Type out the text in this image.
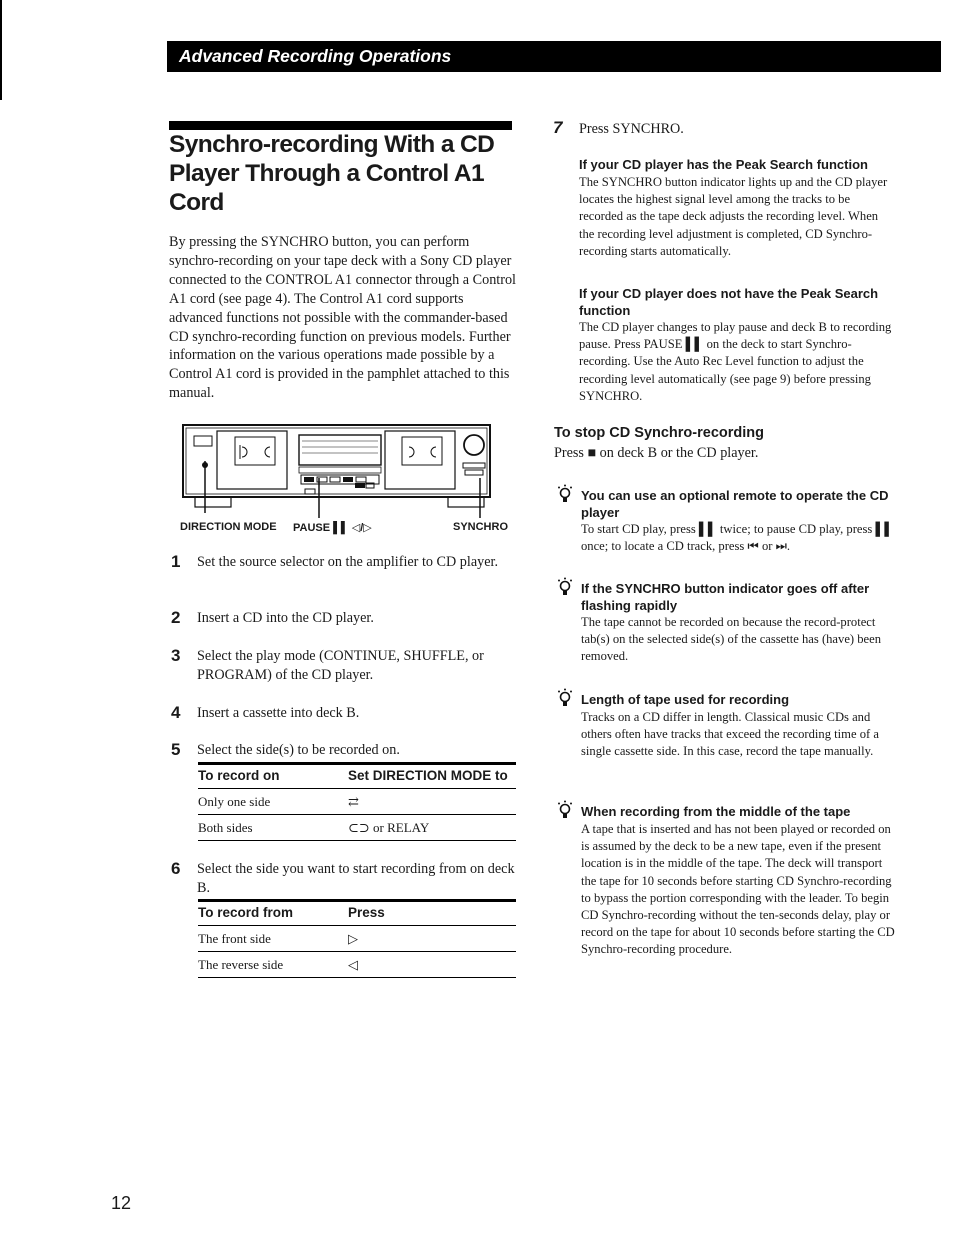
Advanced Recording Operations
Synchro-recording With a CD Player Through a Control A1 Cord
By pressing the SYNCHRO button, you can perform synchro-recording on your tape deck with a Sony CD player connected to the CONTROL A1 connector through a Control A1 cord (see page 4). The Control A1 cord supports advanced functions not possible with the commander-based CD synchro-recording function on previous models. Further information on the various operations made possible by a Control A1 cord is provided in the pamphlet attached to this manual.
DIRECTION MODE PAUSE ▌▌ ◁/▷	SYNCHRO
1 Set the source selector on the amplifier to CD player.
2 Insert a CD into the CD player.
3 Select the play mode (CONTINUE, SHUFFLE, or PROGRAM) of the CD player.
4 Insert a cassette into deck B.
5 Select the side(s) to be recorded on.
To record on	Set DIRECTION MODE to
Only one side	⇄
Both sides	⊂⊃ or RELAY
6 Select the side you want to start recording from on deck B.
To record from	Press
The front side	▷
The reverse side	◁
7 Press SYNCHRO.
If your CD player has the Peak Search function
The SYNCHRO button indicator lights up and the CD player locates the highest signal level among the tracks to be recorded as the tape deck adjusts the recording level. When the recording level adjustment is completed, CD Synchro-recording starts automatically.
If your CD player does not have the Peak Search function
The CD player changes to play pause and deck B to recording pause. Press PAUSE ▌▌ on the deck to start Synchro-recording. Use the Auto Rec Level function to adjust the recording level automatically (see page 9) before pressing SYNCHRO.
To stop CD Synchro-recording
Press ■ on deck B or the CD player.
You can use an optional remote to operate the CD player
To start CD play, press ▌▌ twice; to pause CD play, press ▌▌ once; to locate a CD track, press ⏮ or ⏭.
If the SYNCHRO button indicator goes off after flashing rapidly
The tape cannot be recorded on because the record-protect tab(s) on the selected side(s) of the cassette has (have) been removed.
Length of tape used for recording
Tracks on a CD differ in length. Classical music CDs and others often have tracks that exceed the recording time of a single cassette side. In this case, record the tape manually.
When recording from the middle of the tape
A tape that is inserted and has not been played or recorded on is assumed by the deck to be a new tape, even if the present location is in the middle of the tape. The deck will transport the tape for 10 seconds before starting CD Synchro-recording to bypass the portion corresponding with the leader. To begin CD Synchro-recording without the ten-seconds delay, play or record on the tape for about 10 seconds before starting the CD Synchro-recording procedure.
12
